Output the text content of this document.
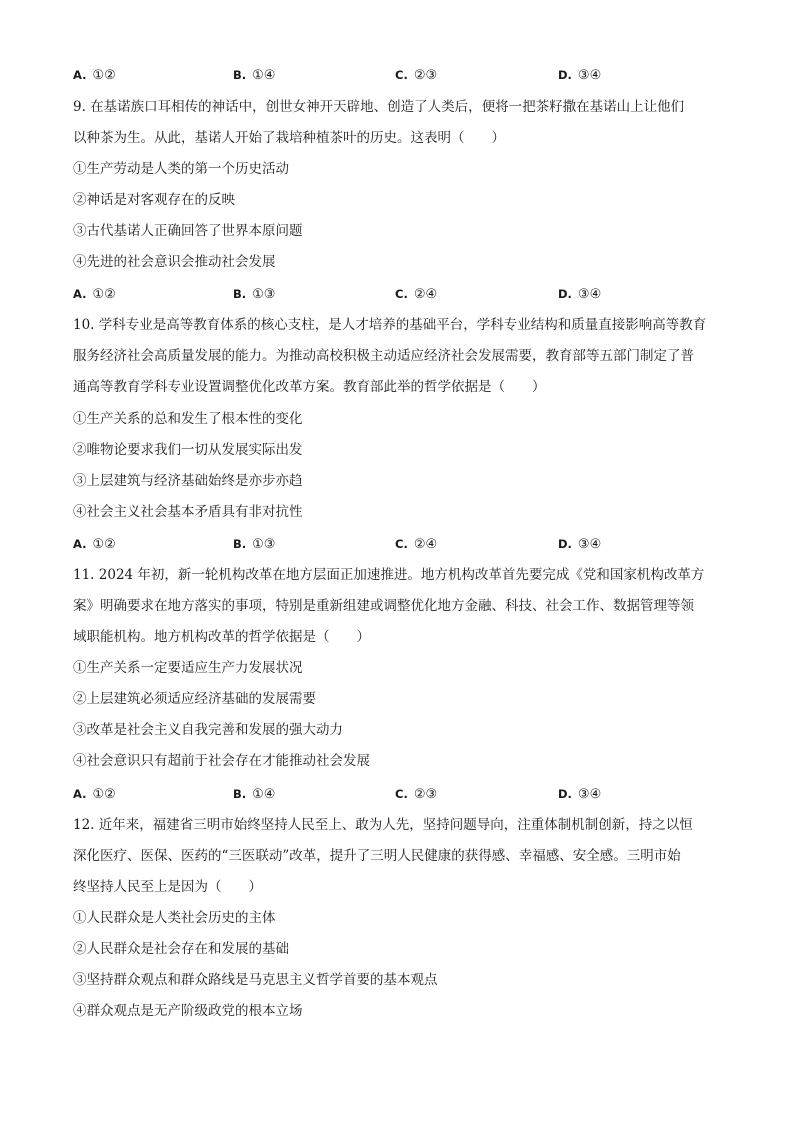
A. ①②	B. ①④	C. ②③	D. ③④
9. 在基诺族口耳相传的神话中，创世女神开天辟地、创造了人类后，便将一把茶籽撒在基诺山上让他们
以种茶为生。从此，基诺人开始了栽培种植茶叶的历史。这表明（　　）
①生产劳动是人类的第一个历史活动
②神话是对客观存在的反映
③古代基诺人正确回答了世界本原问题
④先进的社会意识会推动社会发展
A. ①②	B. ①③	C. ②④	D. ③④
10. 学科专业是高等教育体系的核心支柱，是人才培养的基础平台，学科专业结构和质量直接影响高等教育
服务经济社会高质量发展的能力。为推动高校积极主动适应经济社会发展需要，教育部等五部门制定了普
通高等教育学科专业设置调整优化改革方案。教育部此举的哲学依据是（　　）
①生产关系的总和发生了根本性的变化
②唯物论要求我们一切从发展实际出发
③上层建筑与经济基础始终是亦步亦趋
④社会主义社会基本矛盾具有非对抗性
A. ①②	B. ①③	C. ②④	D. ③④
11. 2024 年初，新一轮机构改革在地方层面正加速推进。地方机构改革首先要完成《党和国家机构改革方
案》明确要求在地方落实的事项，特别是重新组建或调整优化地方金融、科技、社会工作、数据管理等领
域职能机构。地方机构改革的哲学依据是（　　）
①生产关系一定要适应生产力发展状况
②上层建筑必须适应经济基础的发展需要
③改革是社会主义自我完善和发展的强大动力
④社会意识只有超前于社会存在才能推动社会发展
A. ①②	B. ①④	C. ②③	D. ③④
12. 近年来，福建省三明市始终坚持人民至上、敢为人先，坚持问题导向，注重体制机制创新，持之以恒
深化医疗、医保、医药的“三医联动”改革，提升了三明人民健康的获得感、幸福感、安全感。三明市始
终坚持人民至上是因为（　　）
①人民群众是人类社会历史的主体
②人民群众是社会存在和发展的基础
③坚持群众观点和群众路线是马克思主义哲学首要的基本观点
④群众观点是无产阶级政党的根本立场
